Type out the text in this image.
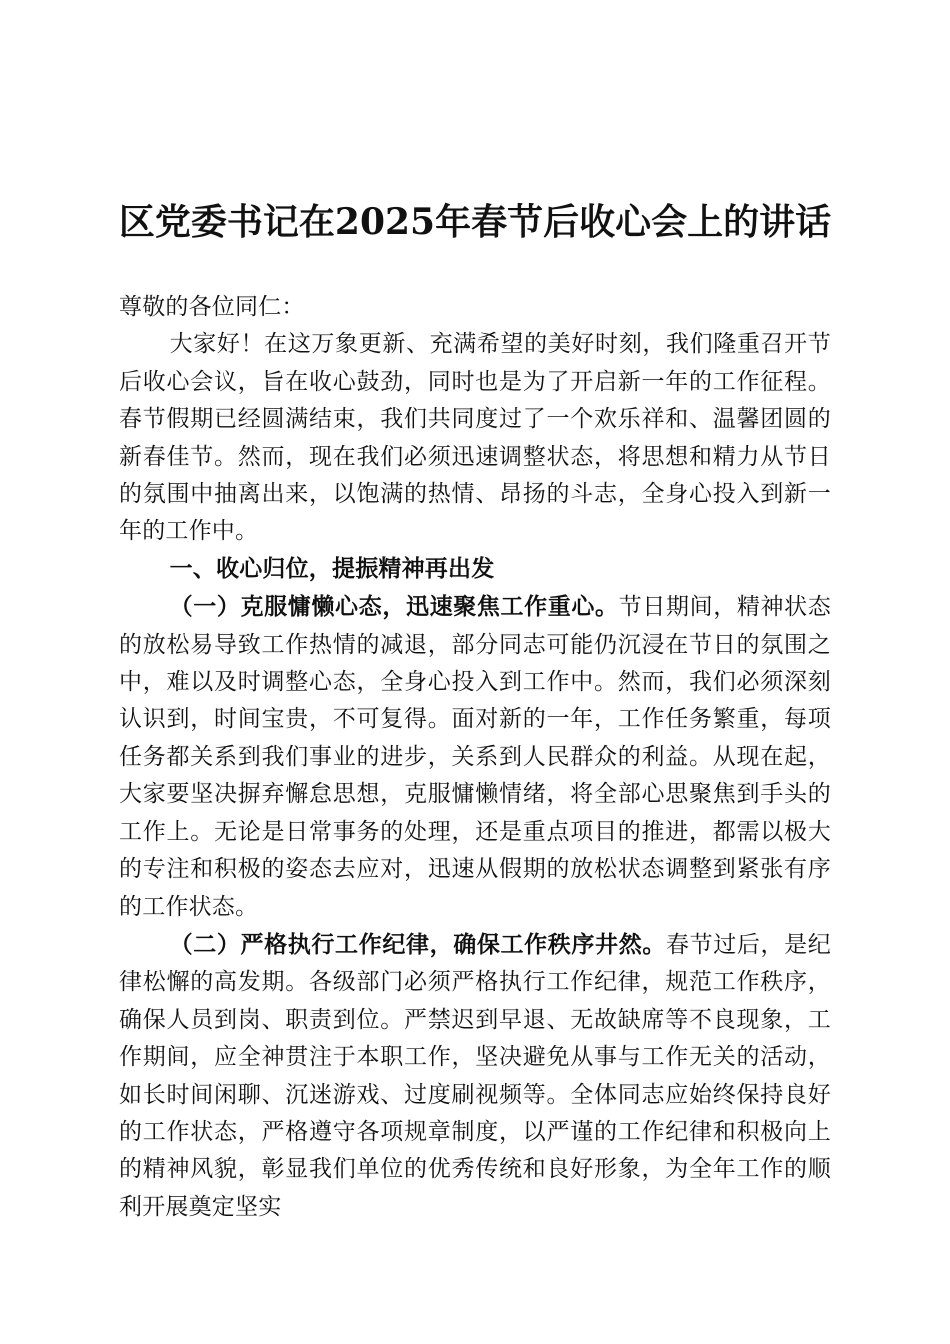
区党委书记在2025年春节后收心会上的讲话

尊敬的各位同仁：

大家好！在这万象更新、充满希望的美好时刻，我们隆重召开节后收心会议，旨在收心鼓劲，同时也是为了开启新一年的工作征程。春节假期已经圆满结束，我们共同度过了一个欢乐祥和、温馨团圆的新春佳节。然而，现在我们必须迅速调整状态，将思想和精力从节日的氛围中抽离出来，以饱满的热情、昂扬的斗志，全身心投入到新一年的工作中。

一、收心归位，提振精神再出发

（一）克服慵懒心态，迅速聚焦工作重心。节日期间，精神状态的放松易导致工作热情的减退，部分同志可能仍沉浸在节日的氛围之中，难以及时调整心态，全身心投入到工作中。然而，我们必须深刻认识到，时间宝贵，不可复得。面对新的一年，工作任务繁重，每项任务都关系到我们事业的进步，关系到人民群众的利益。从现在起，大家要坚决摒弃懈怠思想，克服慵懒情绪，将全部心思聚焦到手头的工作上。无论是日常事务的处理，还是重点项目的推进，都需以极大的专注和积极的姿态去应对，迅速从假期的放松状态调整到紧张有序的工作状态。

（二）严格执行工作纪律，确保工作秩序井然。春节过后，是纪律松懈的高发期。各级部门必须严格执行工作纪律，规范工作秩序，确保人员到岗、职责到位。严禁迟到早退、无故缺席等不良现象，工作期间，应全神贯注于本职工作，坚决避免从事与工作无关的活动，如长时间闲聊、沉迷游戏、过度刷视频等。全体同志应始终保持良好的工作状态，严格遵守各项规章制度，以严谨的工作纪律和积极向上的精神风貌，彰显我们单位的优秀传统和良好形象，为全年工作的顺利开展奠定坚实
